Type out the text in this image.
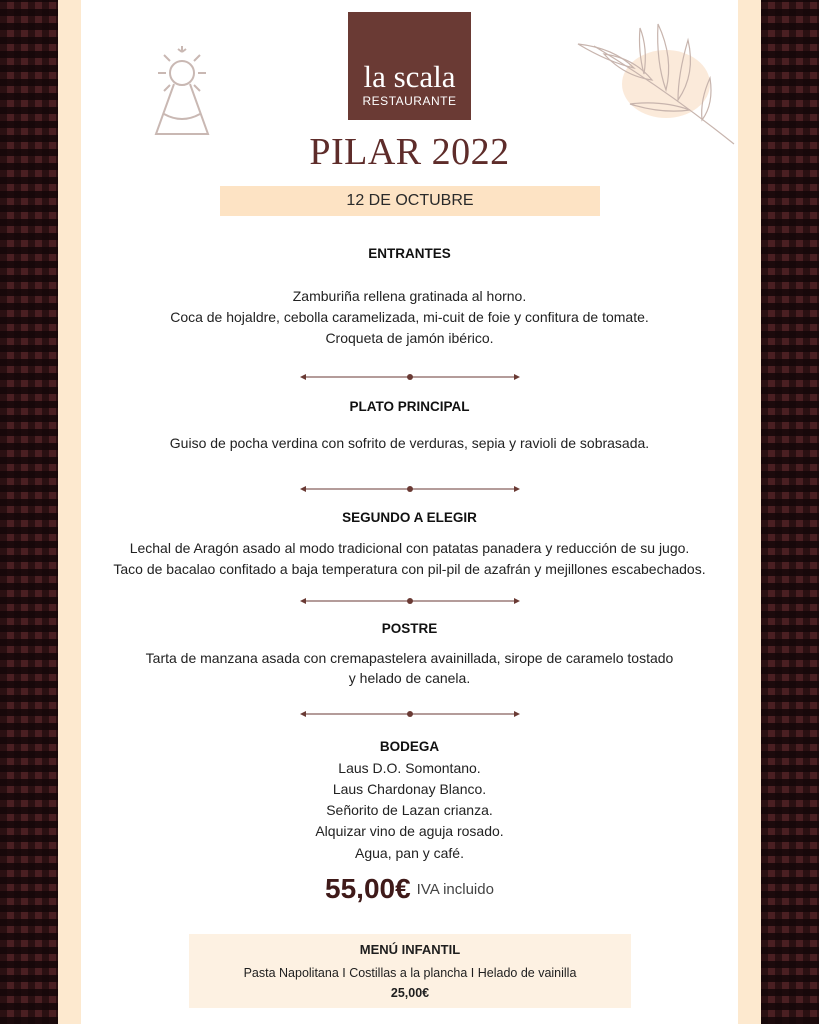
la scala
RESTAURANTE
PILAR 2022
12 DE OCTUBRE
ENTRANTES
Zamburiña rellena gratinada al horno.
Coca de hojaldre, cebolla caramelizada, mi-cuit de foie y confitura de tomate.
Croqueta de jamón ibérico.
PLATO PRINCIPAL
Guiso de pocha verdina con sofrito de verduras, sepia y ravioli de sobrasada.
SEGUNDO A ELEGIR
Lechal de Aragón asado al modo tradicional con patatas panadera y reducción de su jugo.
Taco de bacalao confitado a baja temperatura con pil-pil de azafrán y mejillones escabechados.
POSTRE
Tarta de manzana asada con cremapastelera avainillada, sirope de caramelo tostado
y helado de canela.
BODEGA
Laus D.O. Somontano.
Laus Chardonay Blanco.
Señorito de Lazan crianza.
Alquizar vino de aguja rosado.
Agua, pan y café.
55,00€ IVA incluido
MENÚ INFANTIL
Pasta Napolitana I Costillas a la plancha I Helado de vainilla
25,00€
